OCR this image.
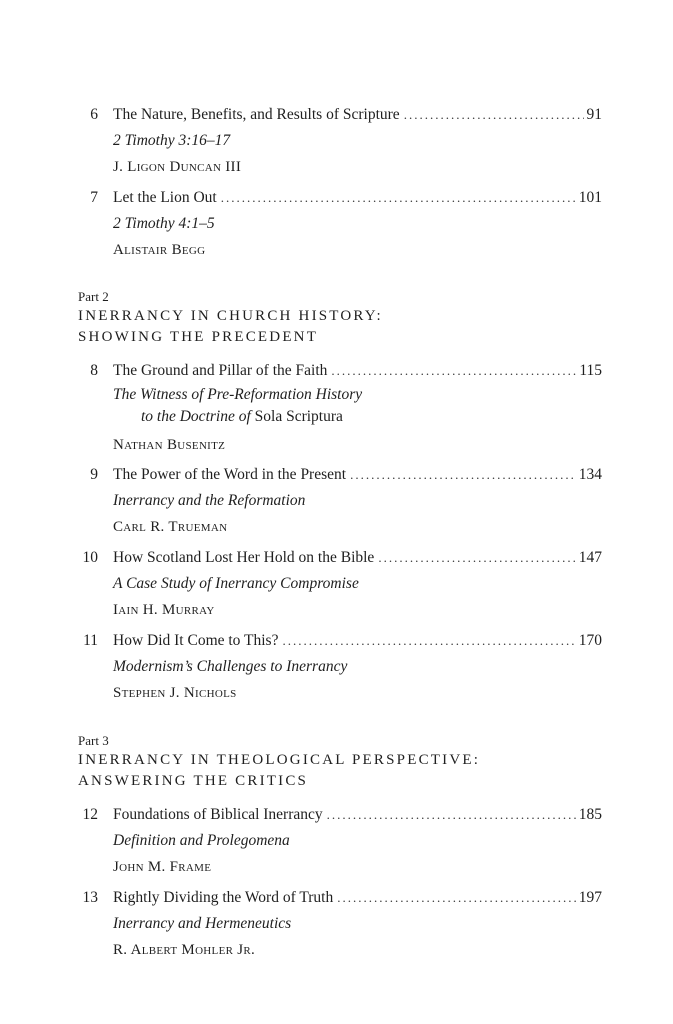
6 The Nature, Benefits, and Results of Scripture .....	91
2 Timothy 3:16–17
J. Ligon Duncan III
7 Let the Lion Out .....	101
2 Timothy 4:1–5
Alistair Begg
Part 2
INERRANCY IN CHURCH HISTORY:
SHOWING THE PRECEDENT
8 The Ground and Pillar of the Faith .....	115
The Witness of Pre-Reformation History
to the Doctrine of Sola Scriptura
Nathan Busenitz
9 The Power of the Word in the Present .....	134
Inerrancy and the Reformation
Carl R. Trueman
10 How Scotland Lost Her Hold on the Bible .....	147
A Case Study of Inerrancy Compromise
Iain H. Murray
11 How Did It Come to This? .....	170
Modernism’s Challenges to Inerrancy
Stephen J. Nichols
Part 3
INERRANCY IN THEOLOGICAL PERSPECTIVE:
ANSWERING THE CRITICS
12 Foundations of Biblical Inerrancy .....	185
Definition and Prolegomena
John M. Frame
13 Rightly Dividing the Word of Truth .....	197
Inerrancy and Hermeneutics
R. Albert Mohler Jr.
